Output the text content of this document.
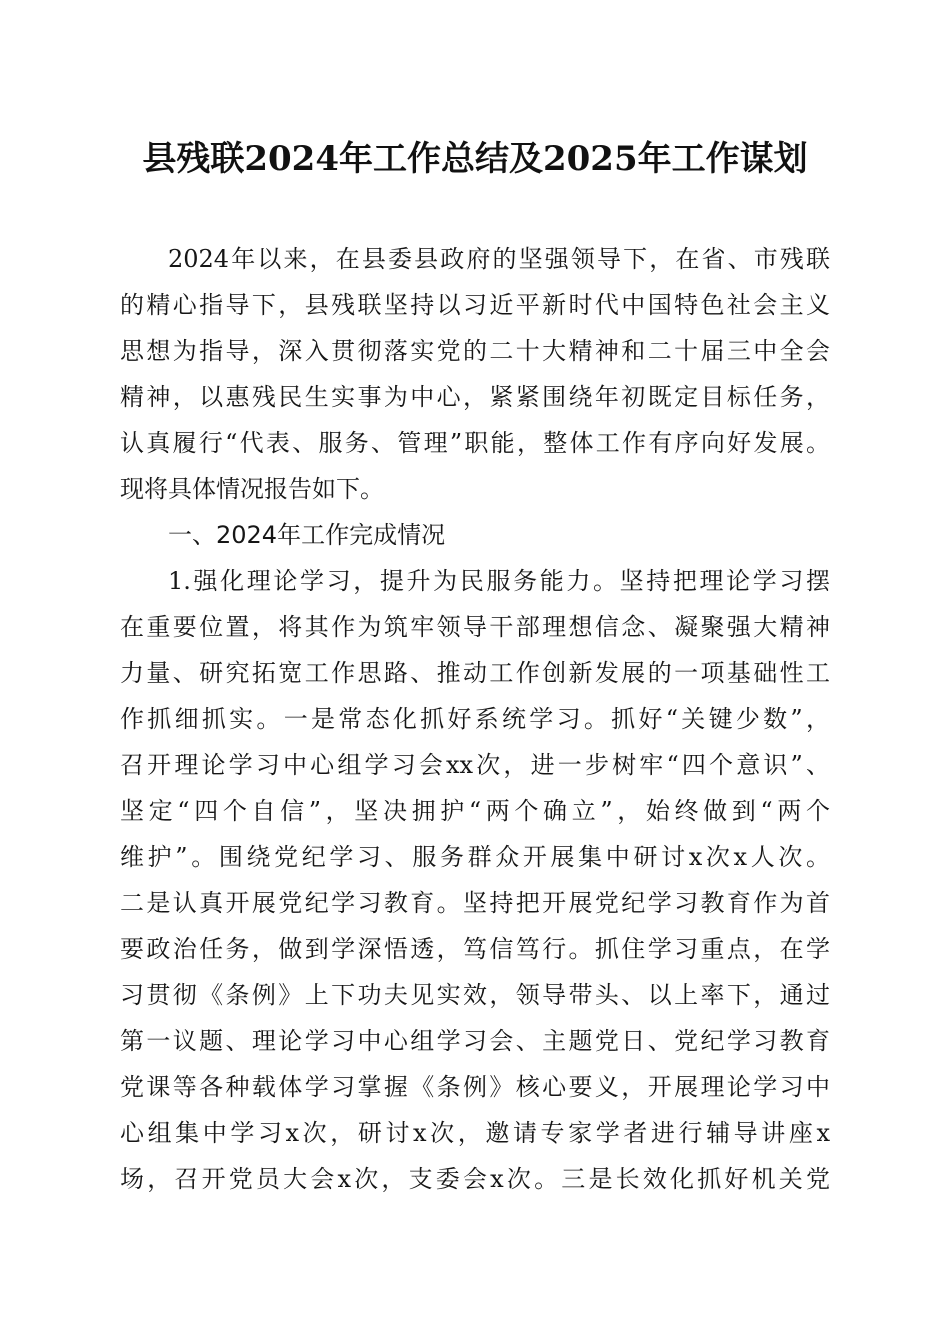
县残联2024年工作总结及2025年工作谋划
2024年以来，在县委县政府的坚强领导下，在省、市残联
的精心指导下，县残联坚持以习近平新时代中国特色社会主义
思想为指导，深入贯彻落实党的二十大精神和二十届三中全会
精神，以惠残民生实事为中心，紧紧围绕年初既定目标任务，
认真履行“代表、服务、管理”职能，整体工作有序向好发展。
现将具体情况报告如下。
一、2024年工作完成情况
1.强化理论学习，提升为民服务能力。坚持把理论学习摆
在重要位置，将其作为筑牢领导干部理想信念、凝聚强大精神
力量、研究拓宽工作思路、推动工作创新发展的一项基础性工
作抓细抓实。一是常态化抓好系统学习。抓好“关键少数”，
召开理论学习中心组学习会xx次，进一步树牢“四个意识”、
坚定“四个自信”，坚决拥护“两个确立”，始终做到“两个
维护”。围绕党纪学习、服务群众开展集中研讨x次x人次。
二是认真开展党纪学习教育。坚持把开展党纪学习教育作为首
要政治任务，做到学深悟透，笃信笃行。抓住学习重点，在学
习贯彻《条例》上下功夫见实效，领导带头、以上率下，通过
第一议题、理论学习中心组学习会、主题党日、党纪学习教育
党课等各种载体学习掌握《条例》核心要义，开展理论学习中
心组集中学习x次，研讨x次，邀请专家学者进行辅导讲座x
场，召开党员大会x次，支委会x次。三是长效化抓好机关党
